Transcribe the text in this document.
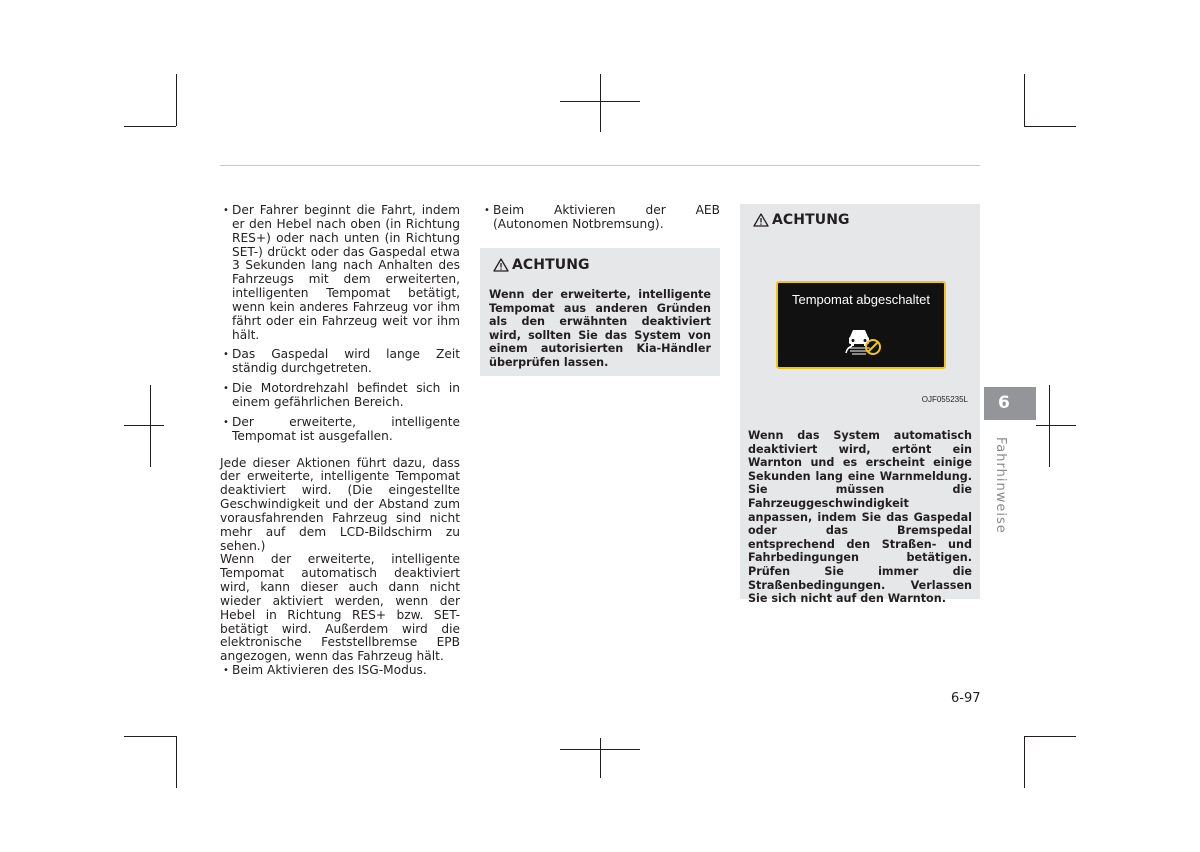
• Der Fahrer beginnt die Fahrt, indem er den Hebel nach oben (in Richtung RES+) oder nach unten (in Richtung SET-) drückt oder das Gaspedal etwa 3 Sekunden lang nach Anhalten des Fahrzeugs mit dem erweiterten, intelligenten Tempomat betätigt, wenn kein anderes Fahrzeug vor ihm fährt oder ein Fahrzeug weit vor ihm hält.
• Das Gaspedal wird lange Zeit ständig durchgetreten.
• Die Motordrehzahl befindet sich in einem gefährlichen Bereich.
• Der erweiterte, intelligente Tempomat ist ausgefallen.

Jede dieser Aktionen führt dazu, dass der erweiterte, intelligente Tempomat deaktiviert wird. (Die eingestellte Geschwindigkeit und der Abstand zum vorausfahrenden Fahrzeug sind nicht mehr auf dem LCD-Bildschirm zu sehen.)

Wenn der erweiterte, intelligente Tempomat automatisch deaktiviert wird, kann dieser auch dann nicht wieder aktiviert werden, wenn der Hebel in Richtung RES+ bzw. SET- betätigt wird. Außerdem wird die elektronische Feststellbremse EPB angezogen, wenn das Fahrzeug hält.

• Beim Aktivieren des ISG-Modus.
• Beim Aktivieren der AEB (Autonomen Notbremsung).
ACHTUNG
Wenn der erweiterte, intelligente Tempomat aus anderen Gründen als den erwähnten deaktiviert wird, sollten Sie das System von einem autorisierten Kia-Händler überprüfen lassen.
ACHTUNG
Tempomat abgeschaltet
OJF055235L
Wenn das System automatisch deaktiviert wird, ertönt ein Warnton und es erscheint einige Sekunden lang eine Warnmeldung. Sie müssen die Fahrzeuggeschwindigkeit anpassen, indem Sie das Gaspedal oder das Bremspedal entsprechend den Straßen- und Fahrbedingungen betätigen. Prüfen Sie immer die Straßenbedingungen. Verlassen Sie sich nicht auf den Warnton.
6
Fahrhinweise
6-97
